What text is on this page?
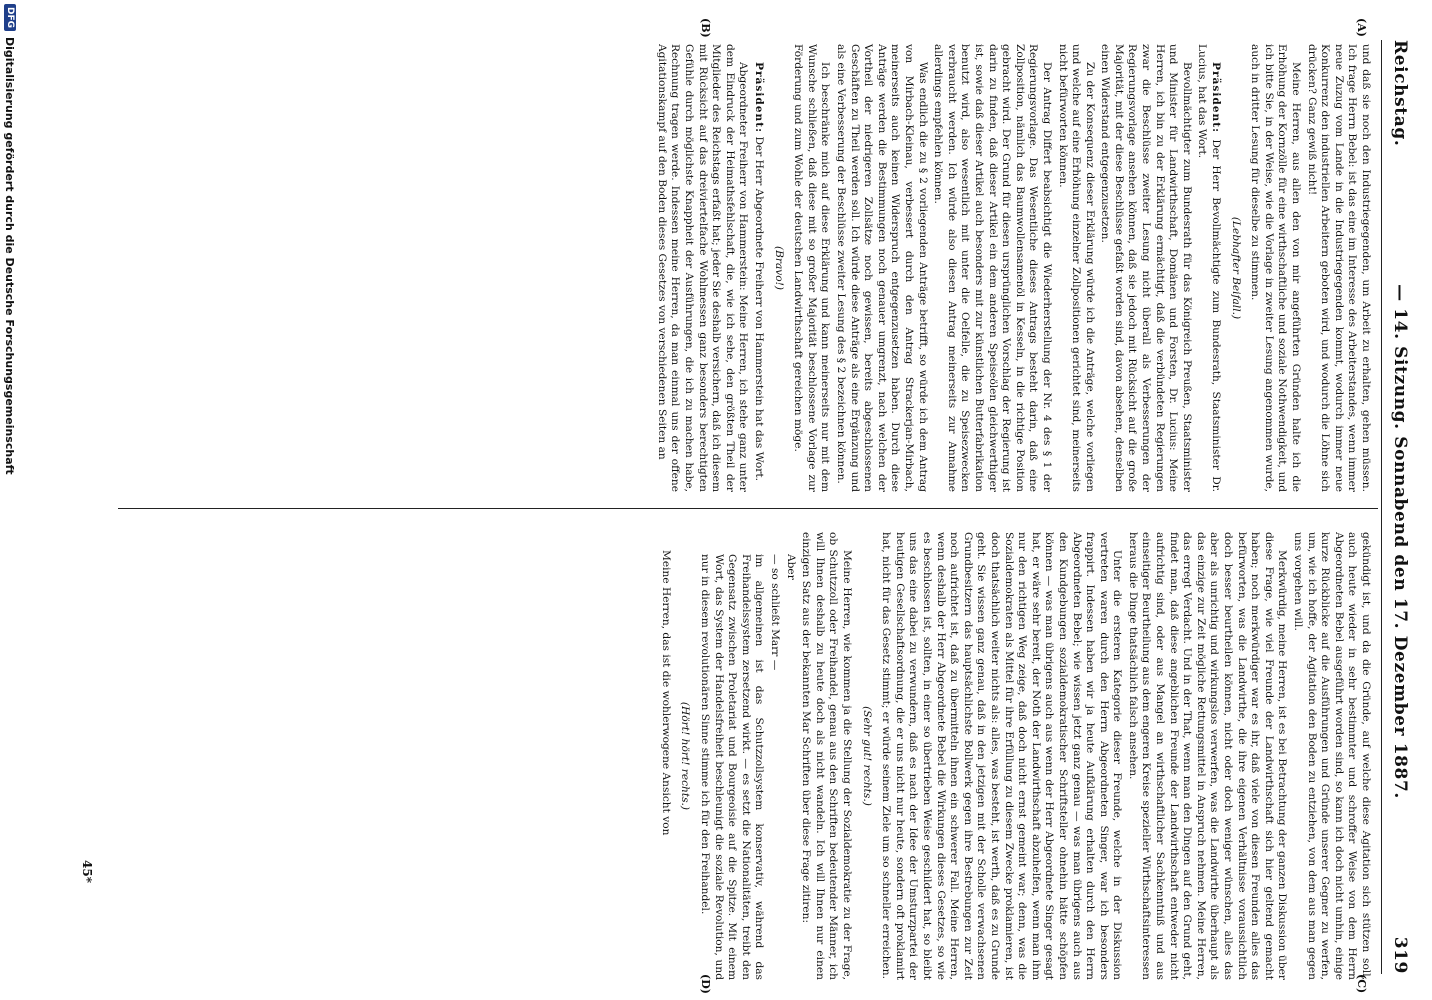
Reichstag.
— 14. Sitzung. Sonnabend den 17. Dezember 1887.
319
(A)
(B)
(C)
(D)

und daß sie noch den Industriegegenden, um Arbeit zu erhalten, gehen müssen. Ich frage Herrn Bebel: ist das eine im Interesse des Arbeiterstandes, wenn immer neue Zuzug vom Lande in die Industriegegenden kommt, wodurch immer neue Konkurrenz den industriellen Arbeitern geboten wird, und wodurch die Löhne sich drücken? Ganz gewiß nicht!

Meine Herren, aus allen den von mir angeführten Gründen halte ich die Erhöhung der Kornzölle für eine wirthschaftliche und soziale Nothwendigkeit, und ich bitte Sie, in der Weise, wie die Vorlage in zweiter Lesung angenommen wurde, auch in dritter Lesung für dieselbe zu stimmen.

(Lebhafter Beifall.)

Präsident: Der Herr Bevollmächtigte zum Bundesrath, Staatsminister Dr. Lucius, hat das Wort.

Bevollmächtigter zum Bundesrath für das Königreich Preußen, Staatsminister und Minister für Landwirthschaft, Domänen und Forsten, Dr. Lucius: Meine Herren, ich bin zu der Erklärung ermächtigt, daß die verbündeten Regierungen zwar die Beschlüsse zweiter Lesung nicht überall als Verbesserungen der Regierungsvorlage ansehen können, daß sie jedoch mit Rücksicht auf die große Majorität, mit der diese Beschlüsse gefaßt worden sind, davon absehen, denselben einen Widerstand entgegenzusetzen.

Zu der Konsequenz dieser Erklärung würde ich die Anträge, welche vorliegen und welche auf eine Erhöhung einzelner Zollpositionen gerichtet sind, meinerseits nicht befürworten können.

Der Antrag Differt beabsichtigt die Wiederherstellung der Nr. 4 des § 1 der Regierungsvorlage. Das Wesentliche dieses Antrags besteht darin, daß eine Zollposition, nämlich das Baumwollensamenöl in Kesseln, in die richtige Position gebracht wird. Der Grund für diesen ursprünglichen Vorschlag der Regierung ist darin zu finden, daß dieser Artikel ein dem anderen Speiseölen gleichwerthiger ist, sowie daß dieser Artikel auch besonders mit zur künstlichen Butterfabrikation benutzt wird, also wesentlich mit unter die Oelfelle, die zu Speisezwecken verbraucht werden. Ich würde also diesen Antrag meinerseits zur Annahme allerdings empfehlen können.

Was endlich die zu § 2 vorliegenden Anträge betrifft, so würde ich dem Antrag von Mirbach-Kleinau, verbessert durch den Antrag Strackerjan-Mirbach, meinerseits auch keinen Widerspruch entgegenzusetzen haben. Durch diese Anträge werden die Bestimmungen noch genauer umgrenzt, nach welchen der Vortheil der niedrigeren Zollsätze noch gewissen, bereits abgeschlossenen Geschäften zu Theil werden soll. Ich würde diese Anträge als eine Ergänzung und als eine Verbesserung der Beschlüsse zweiter Lesung des § 2 bezeichnen können.

Ich beschränke mich auf diese Erklärung und kann meinerseits nur mit dem Wunsche schließen, daß diese mit so großer Majorität beschlossene Vorlage zur Förderung und zum Wohle der deutschen Landwirthschaft gereichen möge.

(Bravo!)

Präsident: Der Herr Abgeordnete Freiherr von Hammerstein hat das Wort.

Abgeordneter Freiherr von Hammerstein: Meine Herren, ich stehe ganz unter dem Eindruck der Heimathsfehlschaft, die, wie ich sehe, den größten Theil der Mitglieder des Reichstags erfaßt hat; jeder Sie deshalb versichern, daß ich diesem mit Rücksicht auf das dreiviertelfache Wohlmessen ganz besonders berechtigten Gefühle durch möglichste Knappheit der Ausführungen, die ich zu machen habe, Rechnung tragen werde. Indessen meine Herren, da man einmal uns der offene Agitationskampf auf den Boden dieses Gesetzes von verschiedenen Seiten an

gekündigt ist, und da die Gründe, auf welche diese Agitation sich stützen soll, auch heute wieder in sehr bestimmter und schroffer Weise von dem Herrn Abgeordneten Bebel ausgeführt worden sind, so kann ich doch nicht umhin, einige kurze Rückblicke auf die Ausführungen und Gründe unserer Gegner zu werfen, um, wie ich hoffe, der Agitation den Boden zu entziehen, von dem aus man gegen uns vorgehen will.

Merkwürdig, meine Herren, ist es bei Betrachtung der ganzen Diskussion über diese Frage, wie viel Freunde der Landwirthschaft sich hier geltend gemacht haben; noch merkwürdiger war es ihr, daß viele von diesen Freunden alles das befürworten, was die Landwirthe, die ihre eigenen Verhältnisse voraussichtlich doch besser beurtheilen können, nicht oder doch weniger wünschen, alles das aber als unrichtig und wirkungslos verwerfen, was die Landwirthe überhaupt als das einzige zur Zeit mögliche Rettungsmittel in Anspruch nehmen. Meine Herren, das erregt Verdacht. Und in der That, wenn man den Dingen auf den Grund geht, findet man, daß diese angeblichen Freunde der Landwirthschaft entweder nicht aufrichtig sind, oder aus Mangel an wirthschaftlicher Sachkenntniß und aus einseitiger Beurtheilung aus dem engeren Kreise spezieller Wirthschaftsinteressen heraus die Dinge thatsächlich falsch ansehen.

Unter die ersteren Kategorie dieser Freunde, welche in der Diskussion vertreten waren durch den Herrn Abgeordneten Singer, war ich besonders frappirt. Indessen haben wir ja heute Aufklärung erhalten durch den Herrn Abgeordneten Bebel; wie wissen jetzt ganz genau — was man übrigens auch aus den Kundgebungen sozialdemokratischer Schriftsteller ohnehin hätte schöpfen können — was man übrigens auch aus wenn der Herr Abgeordnete Singer gesagt hat, er wäre sehr bereit, der Noth der Landwirthschaft abzuhelfen, wenn man ihm nur den richtigen Weg zeige, daß doch nicht ernst gemeint war; denn, was die Sozialdemokraten als Mittel für ihre Erfüllung zu diesem Zwecke proklamieren, ist doch thatsächlich weiter nichts als: alles, was besteht, ist werth, daß es zu Grunde geht. Sie wissen ganz genau, daß in den jetzigen mit der Scholle verwachsenen Grundbesitzern das hauptsächlichste Bollwerk gegen ihre Bestrebungen zur Zeit noch aufrichtet ist, daß zu übermitteln ihnen ein schwerer Fall. Meine Herren, wenn deshalb der Herr Abgeordnete Bebel die Wirkungen dieses Gesetzes, so wie es beschlossen ist, sollten, in einer so übertrieben Weise geschildert hat, so bleibt uns das eine dabei zu verwundern, daß es nach der Idee der Umsturzpartei der heutigen Gesellschaftsordnung, die er uns nicht nur heute, sondern oft proklamirt hat, nicht für das Gesetz stimmt; er würde seinem Ziele um so schneller erreichen.

(Sehr gut! rechts.)

Meine Herren, wie kommen ja die Stellung der Sozialdemokratie zu der Frage, ob Schutzzoll oder Freihandel, genau aus den Schriften bedeutender Männer, ich will Ihnen deshalb zu heute doch als nicht wandeln. Ich will Ihnen nur einen einzigen Satz aus der bekannten Mar Schriften über diese Frage zitiren:

Aber

— so schließt Marr —

im allgemeinen ist das Schutzzollsystem konservativ, während das Freihandelssystem zersetzend wirkt. — es setzt die Nationalitäten, treibt den Gegensatz zwischen Proletariat und Bourgeoisie auf die Spitze. Mit einem Wort, das System der Handelsfreiheit beschleunigt die soziale Revolution, und nur in diesem revolutionären Sinne stimme ich für den Freihandel.

(Hört! hört! rechts.)

Meine Herren, das ist die wohlerwogene Ansicht von

45*
DFG
Digitalisierung gefördert durch die Deutsche Forschungsgemeinschaft
